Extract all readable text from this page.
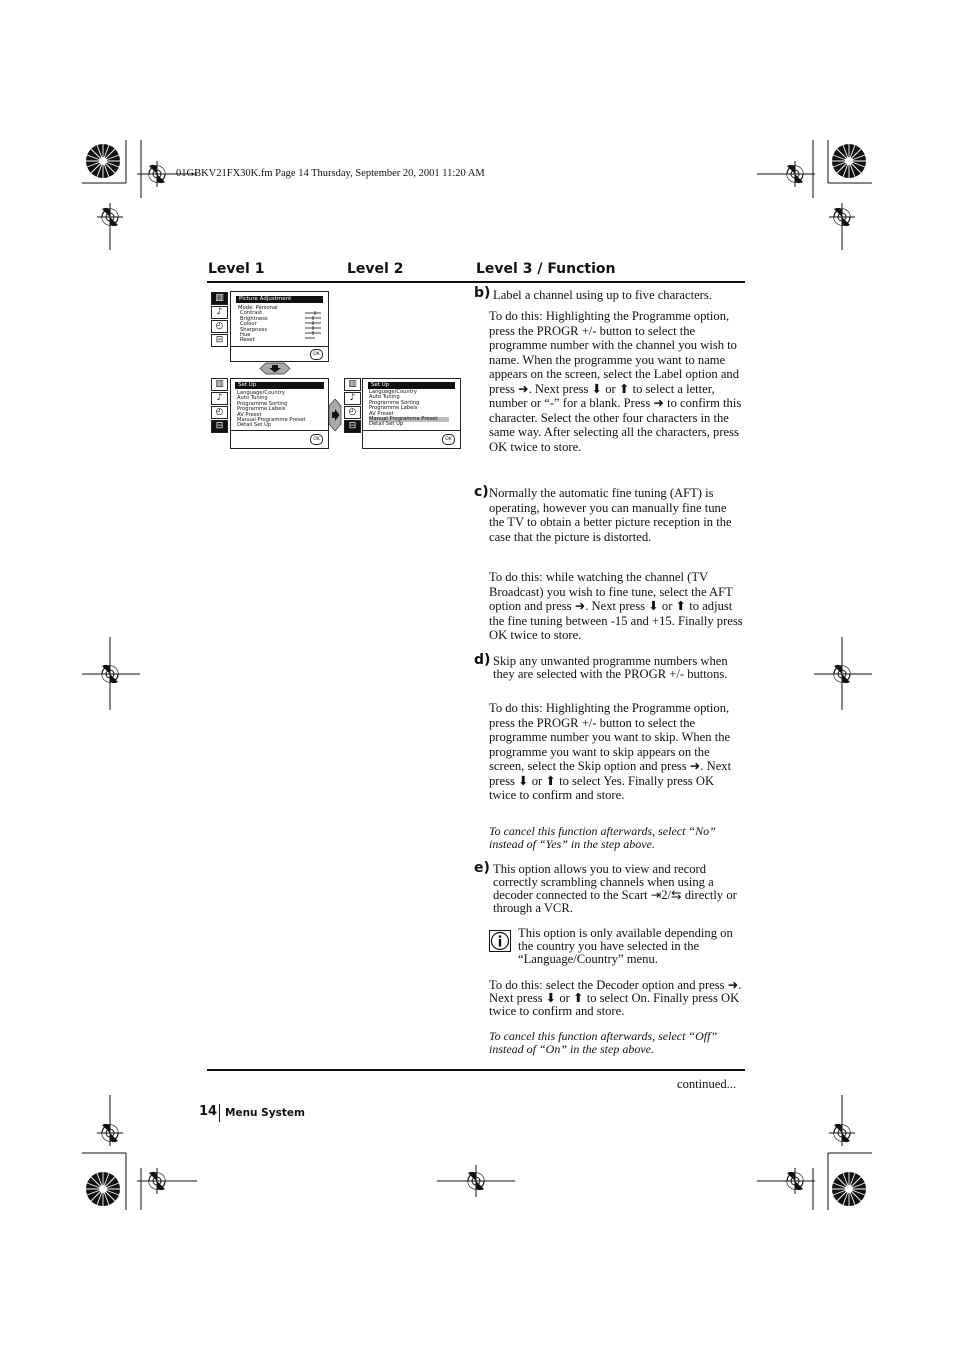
01GBKV21FX30K.fm Page 14 Thursday, September 20, 2001 11:20 AM
Level 1	Level 2	Level 3 / Function
▥
♪
◴
⊟
Picture Adjustment
Mode: Personal
Contrast
Brightness
Colour
Sharpness
Hue
Reset
OK
▥
♪
◴
⊟
Set Up
Language/Country
Auto Tuning
Programme Sorting
Programme Labels
AV Preset
Manual Programme Preset
Detail Set Up
OK
▥
♪
◴
⊟
Set Up
Language/Country
Auto Tuning
Programme Sorting
Programme Labels
AV Preset
Manual Programme Preset
Detail Set Up
OK
b) Label a channel using up to five characters.
To do this: Highlighting the Programme option, press the PROGR +/- button to select the programme number with the channel you wish to name. When the programme you want to name appears on the screen, select the Label option and press ➜. Next press ⬇ or ⬆ to select a letter, number or “-” for a blank. Press ➜ to confirm this character. Select the other four characters in the same way. After selecting all the characters, press OK twice to store.
c) Normally the automatic fine tuning (AFT) is operating, however you can manually fine tune the TV to obtain a better picture reception in the case that the picture is distorted.
To do this: while watching the channel (TV Broadcast) you wish to fine tune, select the AFT option and press ➜. Next press ⬇ or ⬆ to adjust the fine tuning between -15 and +15. Finally press OK twice to store.
d) Skip any unwanted programme numbers when they are selected with the PROGR +/- buttons.
To do this: Highlighting the Programme option, press the PROGR +/- button to select the programme number you want to skip. When the programme you want to skip appears on the screen, select the Skip option and press ➜. Next press ⬇ or ⬆ to select Yes. Finally press OK twice to confirm and store.
To cancel this function afterwards, select “No” instead of “Yes” in the step above.
e) This option allows you to view and record correctly scrambling channels when using a decoder connected to the Scart ⇥2/⇆ directly or through a VCR.
This option is only available depending on the country you have selected in the “Language/Country” menu.
To do this: select the Decoder option and press ➜. Next press ⬇ or ⬆ to select On. Finally press OK twice to confirm and store.
To cancel this function afterwards, select “Off” instead of “On” in the step above.
continued...
14 Menu System
